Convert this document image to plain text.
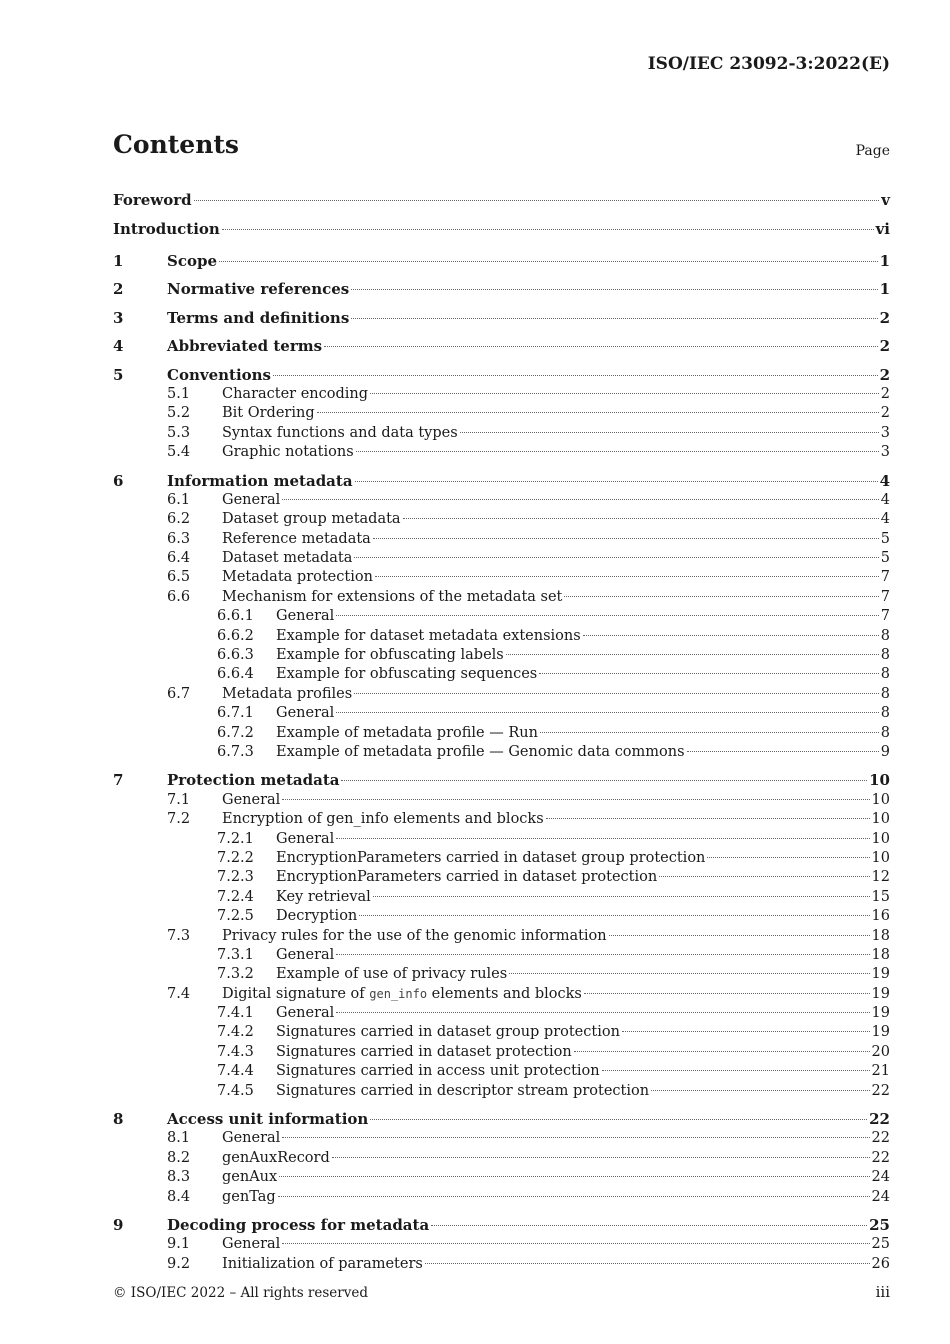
ISO/IEC 23092-3:2022(E)
Contents	Page
Foreword	v
Introduction	vi
1	Scope	1
2	Normative references	1
3	Terms and definitions	2
4	Abbreviated terms	2
5	Conventions	2
5.1	Character encoding	2
5.2	Bit Ordering	2
5.3	Syntax functions and data types	3
5.4	Graphic notations	3
6	Information metadata	4
6.1	General	4
6.2	Dataset group metadata	4
6.3	Reference metadata	5
6.4	Dataset metadata	5
6.5	Metadata protection	7
6.6	Mechanism for extensions of the metadata set	7
6.6.1	General	7
6.6.2	Example for dataset metadata extensions	8
6.6.3	Example for obfuscating labels	8
6.6.4	Example for obfuscating sequences	8
6.7	Metadata profiles	8
6.7.1	General	8
6.7.2	Example of metadata profile — Run	8
6.7.3	Example of metadata profile — Genomic data commons	9
7	Protection metadata	10
7.1	General	10
7.2	Encryption of gen_info elements and blocks	10
7.2.1	General	10
7.2.2	EncryptionParameters carried in dataset group protection	10
7.2.3	EncryptionParameters carried in dataset protection	12
7.2.4	Key retrieval	15
7.2.5	Decryption	16
7.3	Privacy rules for the use of the genomic information	18
7.3.1	General	18
7.3.2	Example of use of privacy rules	19
7.4	Digital signature of gen_info elements and blocks	19
7.4.1	General	19
7.4.2	Signatures carried in dataset group protection	19
7.4.3	Signatures carried in dataset protection	20
7.4.4	Signatures carried in access unit protection	21
7.4.5	Signatures carried in descriptor stream protection	22
8	Access unit information	22
8.1	General	22
8.2	genAuxRecord	22
8.3	genAux	24
8.4	genTag	24
9	Decoding process for metadata	25
9.1	General	25
9.2	Initialization of parameters	26
© ISO/IEC 2022 – All rights reserved	iii
